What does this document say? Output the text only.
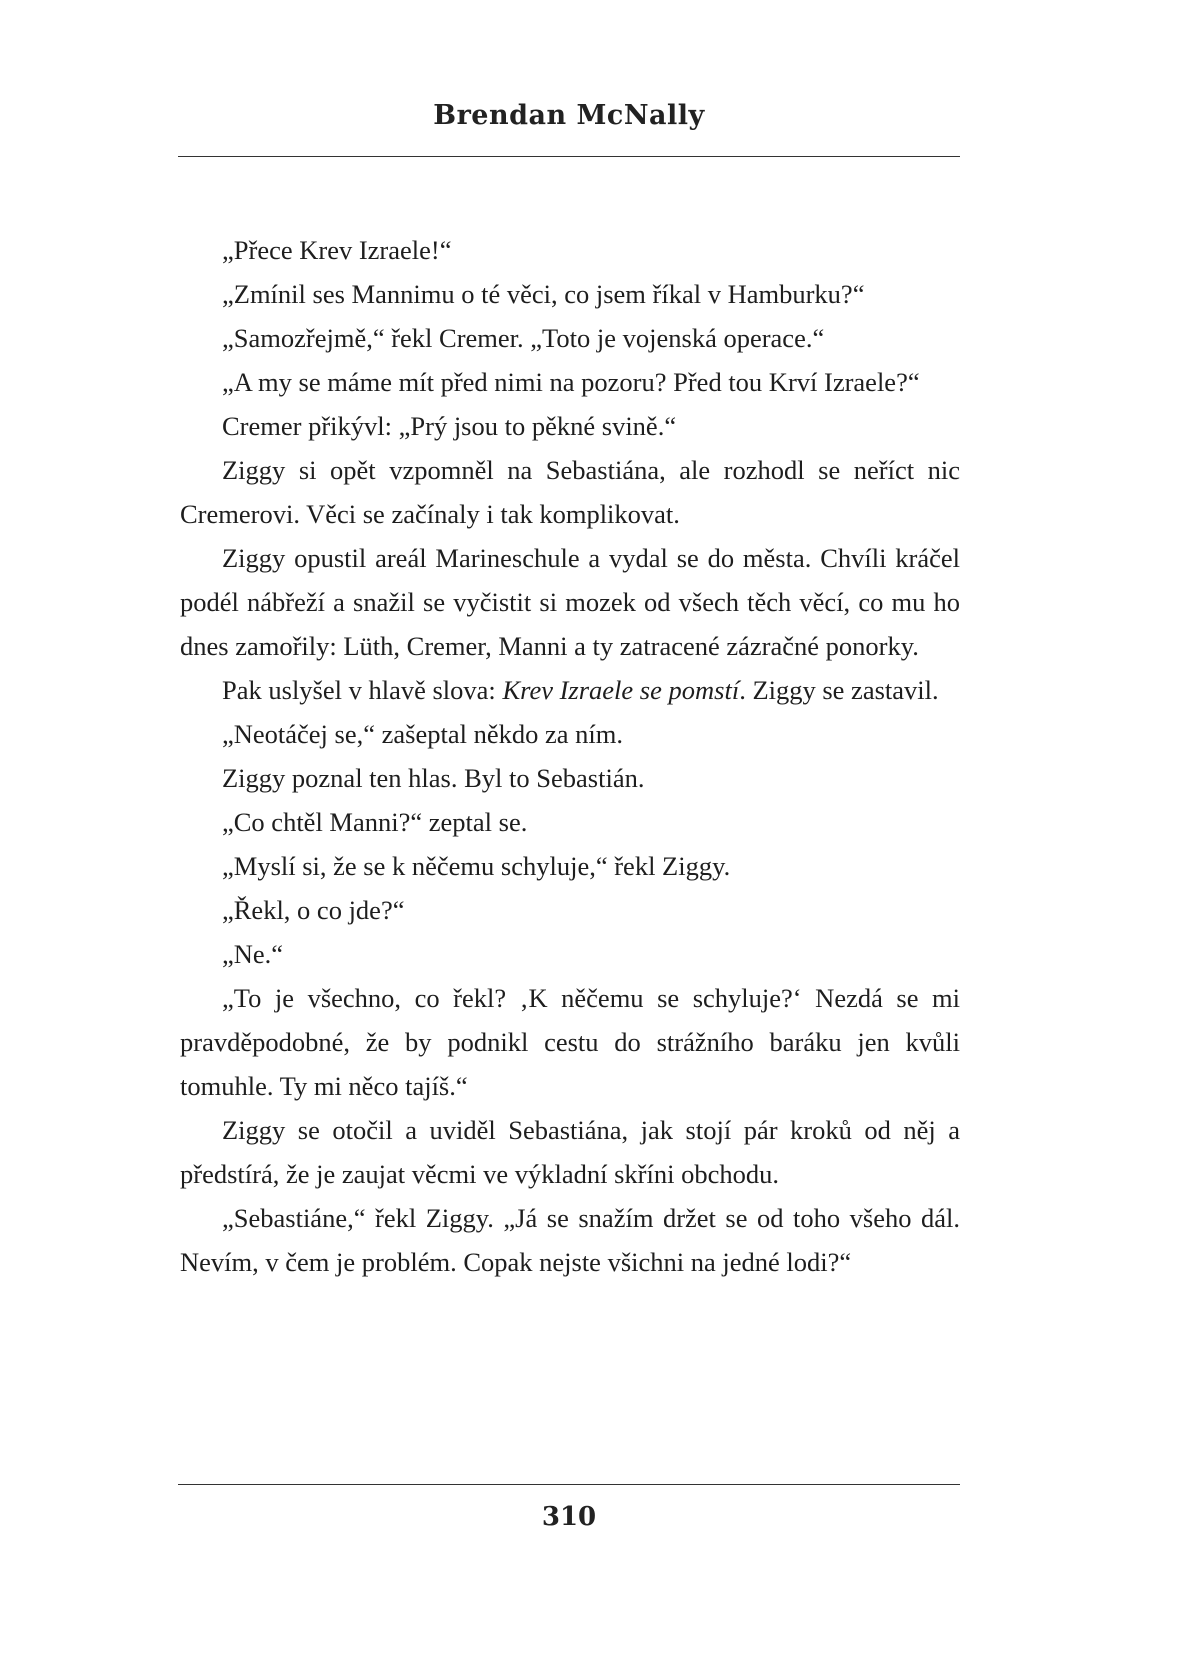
Brendan McNally

„Přece Krev Izraele!“

„Zmínil ses Mannimu o té věci, co jsem říkal v Hamburku?“

„Samozřejmě,“ řekl Cremer. „Toto je vojenská operace.“

„A my se máme mít před nimi na pozoru? Před tou Krví Izraele?“

Cremer přikývl: „Prý jsou to pěkné svině.“

Ziggy si opět vzpomněl na Sebastiána, ale rozhodl se neříct nic Cremerovi. Věci se začínaly i tak komplikovat.

Ziggy opustil areál Marineschule a vydal se do města. Chvíli kráčel podél nábřeží a snažil se vyčistit si mozek od všech těch věcí, co mu ho dnes zamořily: Lüth, Cremer, Manni a ty zatracené zázračné ponorky.

Pak uslyšel v hlavě slova: Krev Izraele se pomstí. Ziggy se zastavil.

„Neotáčej se,“ zašeptal někdo za ním.

Ziggy poznal ten hlas. Byl to Sebastián.

„Co chtěl Manni?“ zeptal se.

„Myslí si, že se k něčemu schyluje,“ řekl Ziggy.

„Řekl, o co jde?“

„Ne.“

„To je všechno, co řekl? ‚K něčemu se schyluje?‘ Nezdá se mi pravděpodobné, že by podnikl cestu do strážního baráku jen kvůli tomuhle. Ty mi něco tajíš.“

Ziggy se otočil a uviděl Sebastiána, jak stojí pár kroků od něj a předstírá, že je zaujat věcmi ve výkladní skříni obchodu.

„Sebastiáne,“ řekl Ziggy. „Já se snažím držet se od toho všeho dál. Nevím, v čem je problém. Copak nejste všichni na jedné lodi?“

310
